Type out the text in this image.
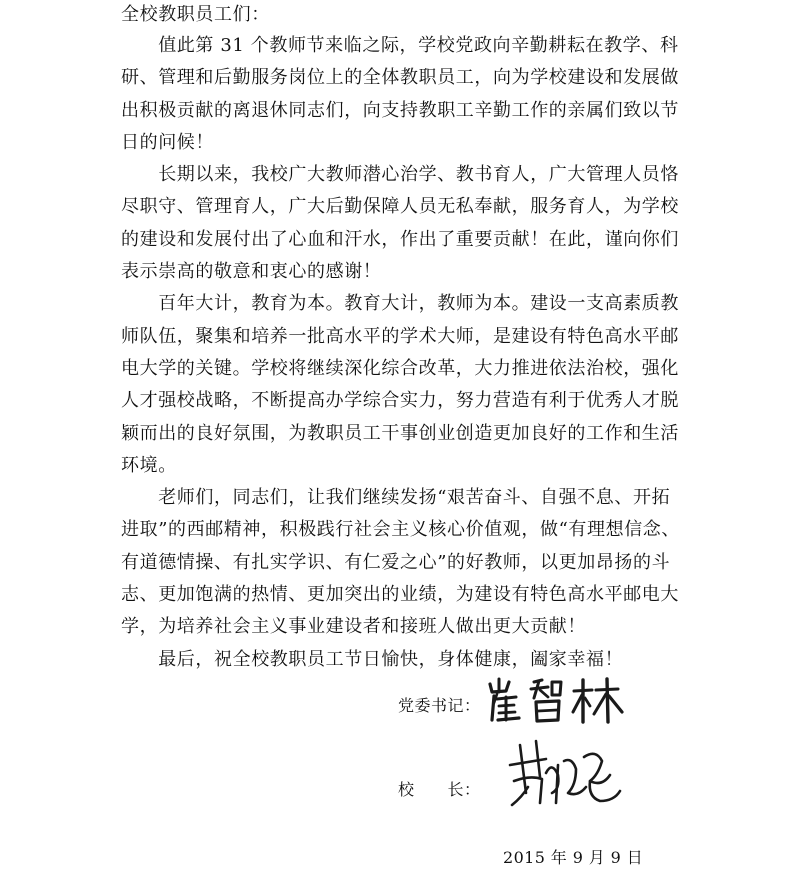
全校教职员工们：
　　值此第 31 个教师节来临之际，学校党政向辛勤耕耘在教学、科
研、管理和后勤服务岗位上的全体教职员工，向为学校建设和发展做
出积极贡献的离退休同志们，向支持教职工辛勤工作的亲属们致以节
日的问候！
　　长期以来，我校广大教师潜心治学、教书育人，广大管理人员恪
尽职守、管理育人，广大后勤保障人员无私奉献，服务育人，为学校
的建设和发展付出了心血和汗水，作出了重要贡献！在此，谨向你们
表示崇高的敬意和衷心的感谢！
　　百年大计，教育为本。教育大计，教师为本。建设一支高素质教
师队伍，聚集和培养一批高水平的学术大师，是建设有特色高水平邮
电大学的关键。学校将继续深化综合改革，大力推进依法治校，强化
人才强校战略，不断提高办学综合实力，努力营造有利于优秀人才脱
颖而出的良好氛围，为教职员工干事创业创造更加良好的工作和生活
环境。
　　老师们，同志们，让我们继续发扬“艰苦奋斗、自强不息、开拓
进取”的西邮精神，积极践行社会主义核心价值观，做“有理想信念、
有道德情操、有扎实学识、有仁爱之心”的好教师，以更加昂扬的斗
志、更加饱满的热情、更加突出的业绩，为建设有特色高水平邮电大
学，为培养社会主义事业建设者和接班人做出更大贡献！
　　最后，祝全校教职员工节日愉快，身体健康，阖家幸福！
党委书记：
校　　长：
2015 年 9 月 9 日
